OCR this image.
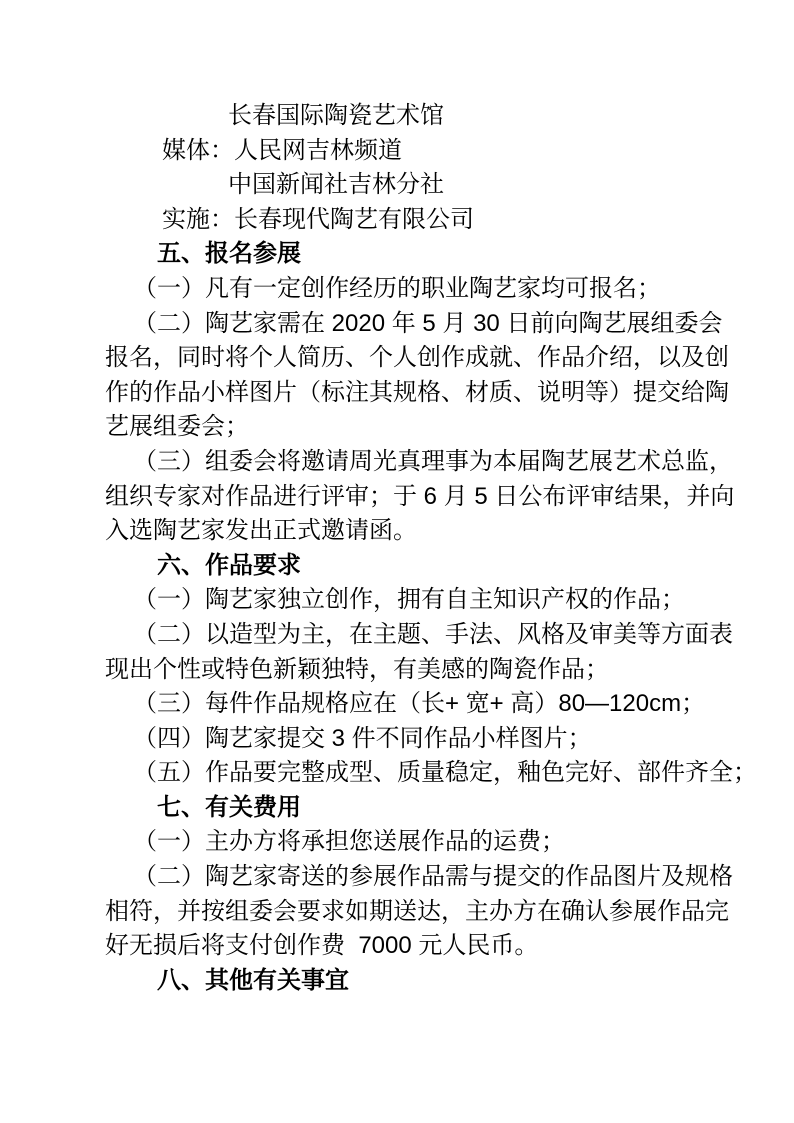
长春国际陶瓷艺术馆
媒体：人民网吉林频道
中国新闻社吉林分社
实施：长春现代陶艺有限公司
五、报名参展
（一）凡有一定创作经历的职业陶艺家均可报名；
（二）陶艺家需在 2020 年 5 月 30 日前向陶艺展组委会
报名，同时将个人简历、个人创作成就、作品介绍，以及创
作的作品小样图片（标注其规格、材质、说明等）提交给陶
艺展组委会；
（三）组委会将邀请周光真理事为本届陶艺展艺术总监，
组织专家对作品进行评审；于 6 月 5 日公布评审结果，并向
入选陶艺家发出正式邀请函。
六、作品要求
（一）陶艺家独立创作，拥有自主知识产权的作品；
（二）以造型为主，在主题、手法、风格及审美等方面表
现出个性或特色新颖独特，有美感的陶瓷作品；
（三）每件作品规格应在（长+ 宽+ 高）80—120cm；
（四）陶艺家提交 3 件不同作品小样图片；
（五）作品要完整成型、质量稳定，釉色完好、部件齐全；
七、有关费用
（一）主办方将承担您送展作品的运费；
（二）陶艺家寄送的参展作品需与提交的作品图片及规格
相符，并按组委会要求如期送达，主办方在确认参展作品完
好无损后将支付创作费  7000 元人民币。
八、其他有关事宜
